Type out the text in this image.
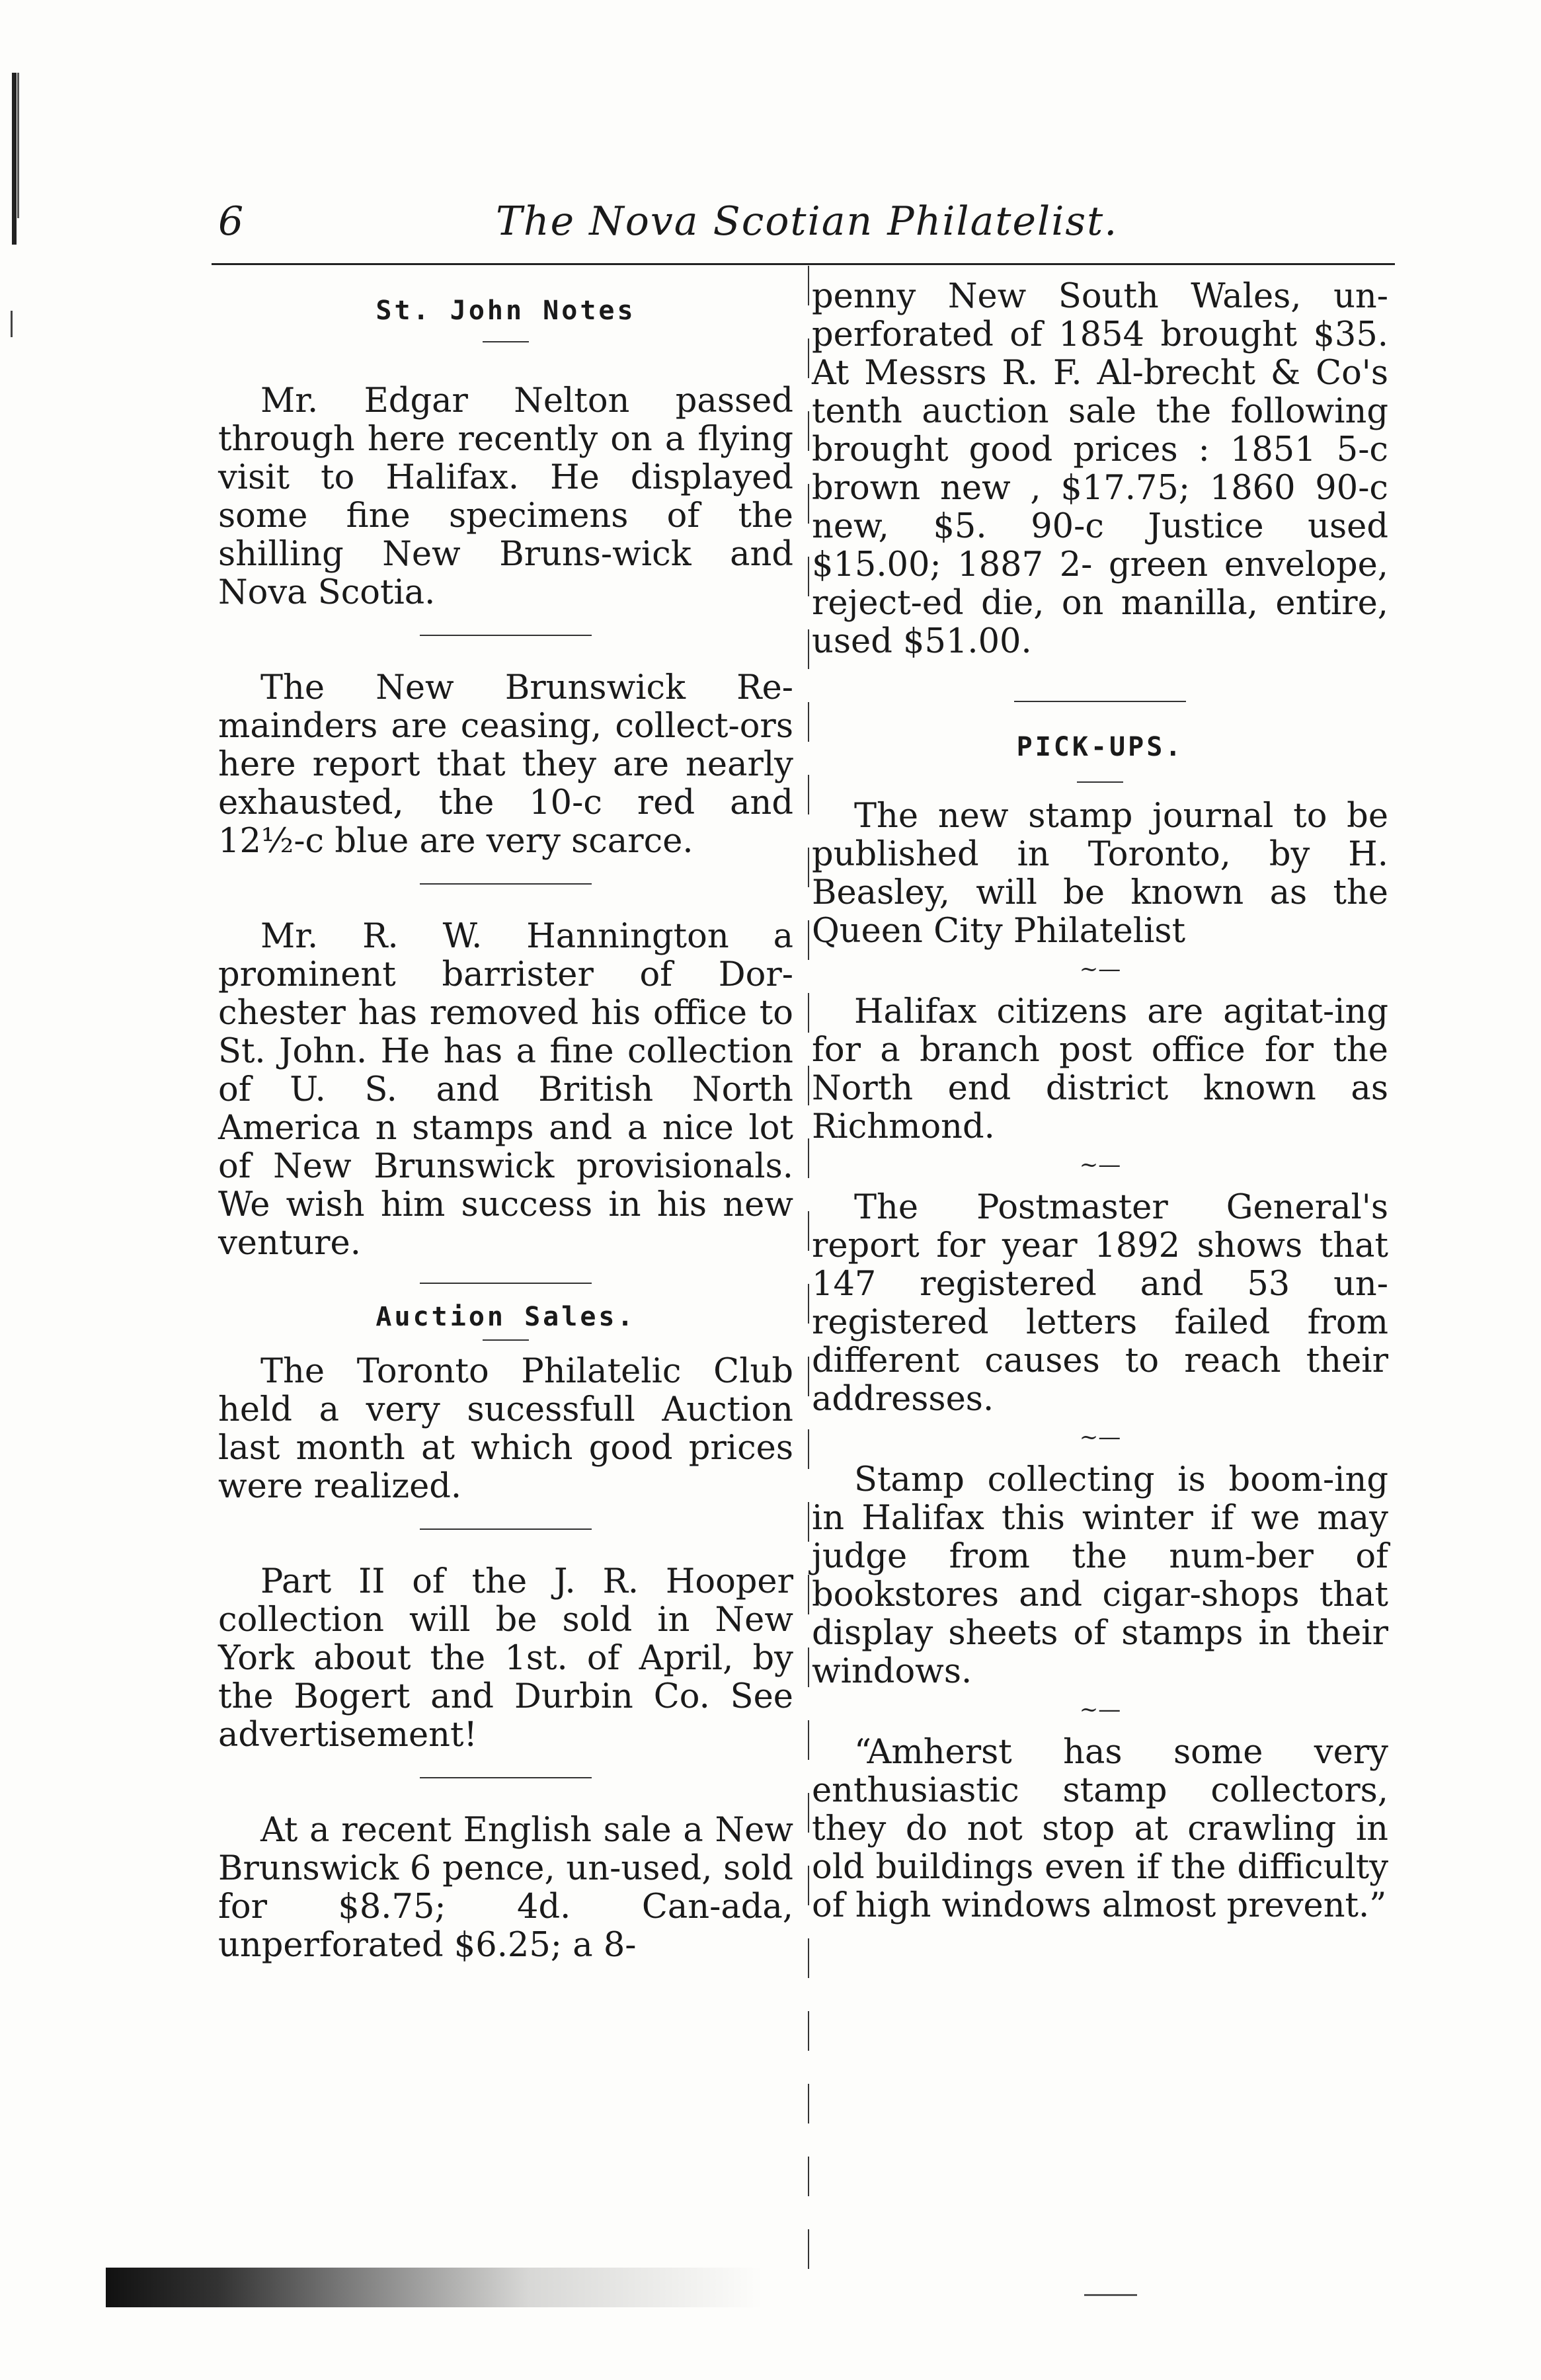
6	The Nova Scotian Philatelist.
St. John Notes

Mr. Edgar Nelton passed through here recently on a flying visit to Halifax. He displayed some fine specimens of the shilling New Bruns-wick and Nova Scotia.

The New Brunswick Re-mainders are ceasing, collect-ors here report that they are nearly exhausted, the 10-c red and 12½-c blue are very scarce.

Mr. R. W. Hannington a prominent barrister of Dor-chester has removed his office to St. John. He has a fine collection of U. S. and British North America n stamps and a nice lot of New Brunswick provisionals. We wish him success in his new venture.

Auction Sales.

The Toronto Philatelic Club held a very sucessfull Auction last month at which good prices were realized.

Part II of the J. R. Hooper collection will be sold in New York about the 1st. of April, by the Bogert and Durbin Co. See advertisement!

At a recent English sale a New Brunswick 6 pence, un-used, sold for $8.75; 4d. Can-ada, unperforated $6.25; a 8-

penny New South Wales, un-perforated of 1854 brought $35. At Messrs R. F. Al-brecht & Co's tenth auction sale the following brought good prices : 1851 5-c brown new , $17.75; 1860 90-c new, $5. 90-c Justice used $15.00; 1887 2- green envelope, reject-ed die, on manilla, entire, used $51.00.

PICK-UPS.

The new stamp journal to be published in Toronto, by H. Beasley, will be known as the Queen City Philatelist

~—

Halifax citizens are agitat-ing for a branch post office for the North end district known as Richmond.

~—

The Postmaster General's report for year 1892 shows that 147 registered and 53 un-registered letters failed from different causes to reach their addresses.

~—

Stamp collecting is boom-ing in Halifax this winter if we may judge from the num-ber of bookstores and cigar-shops that display sheets of stamps in their windows.

~—

“Amherst has some very enthusiastic stamp collectors, they do not stop at crawling in old buildings even if the difficulty of high windows almost prevent.”
